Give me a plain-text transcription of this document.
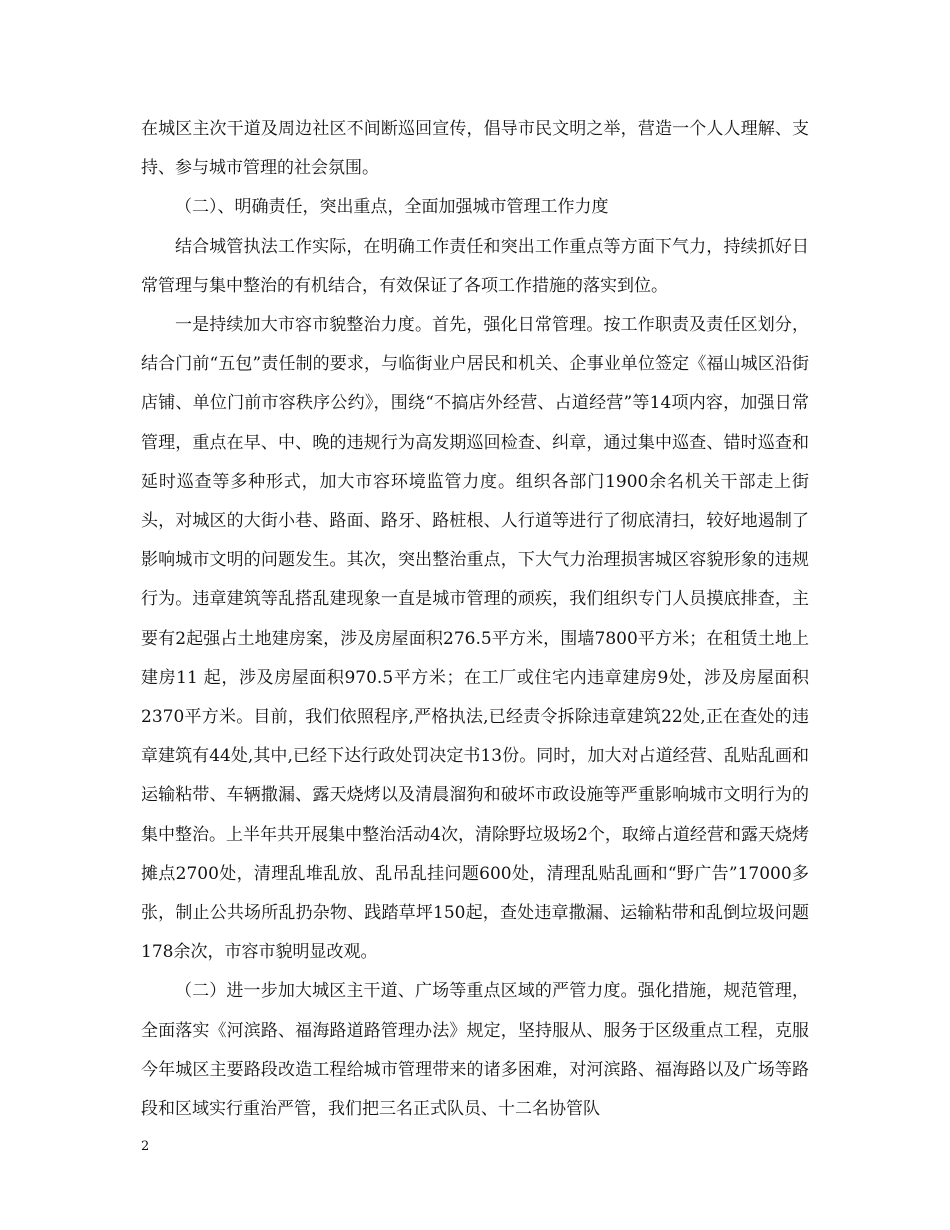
在城区主次干道及周边社区不间断巡回宣传，倡导市民文明之举，营造一个人人理解、支持、参与城市管理的社会氛围。

（二）、明确责任，突出重点，全面加强城市管理工作力度

结合城管执法工作实际，在明确工作责任和突出工作重点等方面下气力，持续抓好日常管理与集中整治的有机结合，有效保证了各项工作措施的落实到位。

一是持续加大市容市貌整治力度。首先，强化日常管理。按工作职责及责任区划分，结合门前“五包”责任制的要求，与临街业户居民和机关、企事业单位签定《福山城区沿街店铺、单位门前市容秩序公约》，围绕“不搞店外经营、占道经营”等14项内容，加强日常管理，重点在早、中、晚的违规行为高发期巡回检查、纠章，通过集中巡查、错时巡查和延时巡查等多种形式，加大市容环境监管力度。组织各部门1900余名机关干部走上街头，对城区的大街小巷、路面、路牙、路桩根、人行道等进行了彻底清扫，较好地遏制了影响城市文明的问题发生。其次，突出整治重点，下大气力治理损害城区容貌形象的违规行为。违章建筑等乱搭乱建现象一直是城市管理的顽疾，我们组织专门人员摸底排查，主要有2起强占土地建房案，涉及房屋面积276.5平方米，围墙7800平方米；在租赁土地上建房11 起，涉及房屋面积970.5平方米；在工厂或住宅内违章建房9处，涉及房屋面积2370平方米。目前，我们依照程序,严格执法,已经责令拆除违章建筑22处,正在查处的违章建筑有44处,其中,已经下达行政处罚决定书13份。同时，加大对占道经营、乱贴乱画和运输粘带、车辆撒漏、露天烧烤以及清晨溜狗和破坏市政设施等严重影响城市文明行为的集中整治。上半年共开展集中整治活动4次，清除野垃圾场2个，取缔占道经营和露天烧烤摊点2700处，清理乱堆乱放、乱吊乱挂问题600处，清理乱贴乱画和“野广告”17000多张，制止公共场所乱扔杂物、践踏草坪150起，查处违章撒漏、运输粘带和乱倒垃圾问题178余次，市容市貌明显改观。

（二）进一步加大城区主干道、广场等重点区域的严管力度。强化措施，规范管理，全面落实《河滨路、福海路道路管理办法》规定，坚持服从、服务于区级重点工程，克服今年城区主要路段改造工程给城市管理带来的诸多困难，对河滨路、福海路以及广场等路段和区域实行重治严管，我们把三名正式队员、十二名协管队

2
